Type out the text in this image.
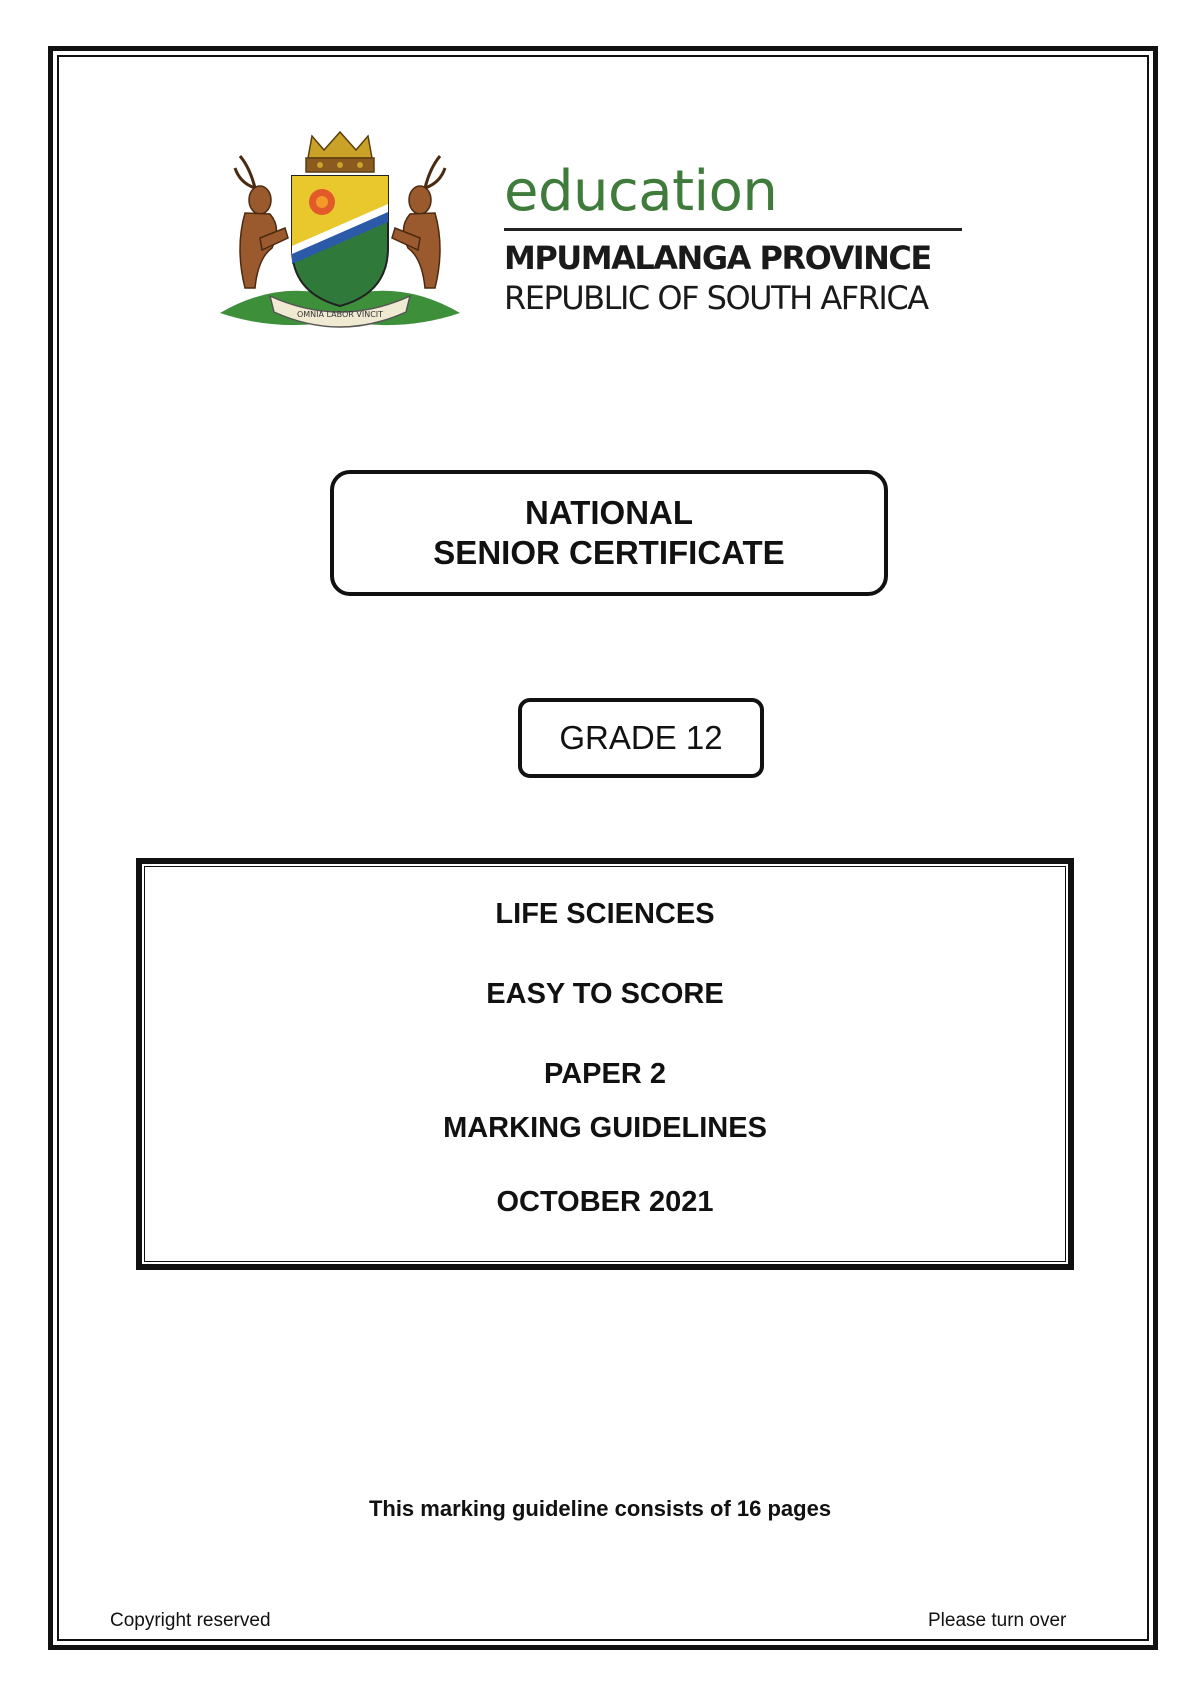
OMNIA LABOR VINCIT
education
MPUMALANGA PROVINCE
REPUBLIC OF SOUTH AFRICA
NATIONAL
SENIOR CERTIFICATE
GRADE 12
LIFE SCIENCES
EASY TO SCORE
PAPER 2
MARKING GUIDELINES
OCTOBER 2021
This marking guideline consists of 16 pages
Copyright reserved	Please turn over
